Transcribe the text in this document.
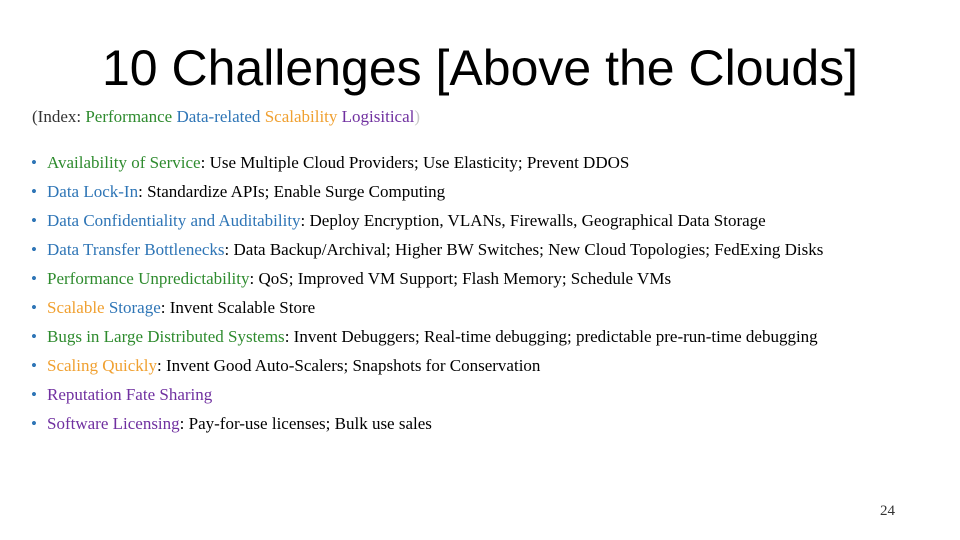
10 Challenges [Above the Clouds]
(Index: Performance Data-related Scalability Logisitical)
• Availability of Service: Use Multiple Cloud Providers; Use Elasticity; Prevent DDOS
• Data Lock-In: Standardize APIs; Enable Surge Computing
• Data Confidentiality and Auditability: Deploy Encryption, VLANs, Firewalls, Geographical Data Storage
• Data Transfer Bottlenecks: Data Backup/Archival; Higher BW Switches; New Cloud Topologies; FedExing Disks
• Performance Unpredictability: QoS; Improved VM Support; Flash Memory; Schedule VMs
• Scalable Storage: Invent Scalable Store
• Bugs in Large Distributed Systems: Invent Debuggers; Real-time debugging; predictable pre-run-time debugging
• Scaling Quickly: Invent Good Auto-Scalers; Snapshots for Conservation
• Reputation Fate Sharing
• Software Licensing: Pay-for-use licenses; Bulk use sales
24
